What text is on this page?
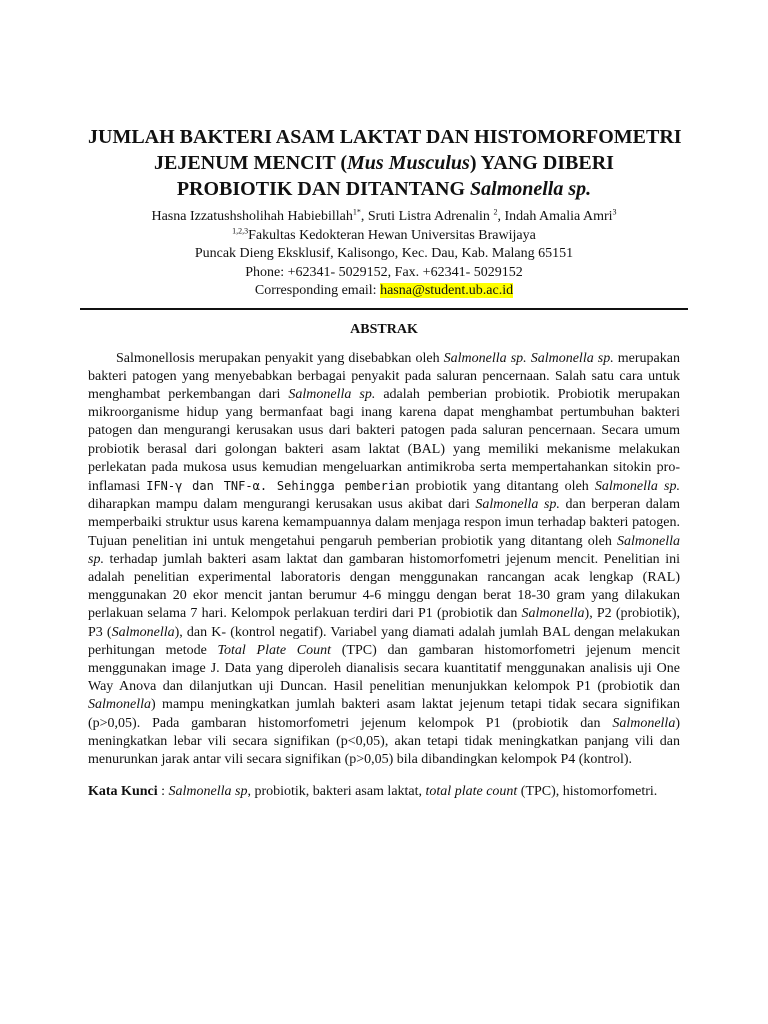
JUMLAH BAKTERI ASAM LAKTAT DAN HISTOMORFOMETRI
JEJENUM MENCIT (Mus Musculus) YANG DIBERI
PROBIOTIK DAN DITANTANG Salmonella sp.
Hasna Izzatushsholihah Habiebillah$^{1*}$, Sruti Listra Adrenalin $^2$, Indah Amalia Amri$^3$
$^{1,2,3}$Fakultas Kedokteran Hewan Universitas Brawijaya
Puncak Dieng Eksklusif, Kalisongo, Kec. Dau, Kab. Malang 65151
Phone: +62341- 5029152, Fax. +62341- 5029152
Corresponding email: hasna@student.ub.ac.id
ABSTRAK

Salmonellosis merupakan penyakit yang disebabkan oleh Salmonella sp. Salmonella sp. merupakan bakteri patogen yang menyebabkan berbagai penyakit pada saluran pencernaan. Salah satu cara untuk menghambat perkembangan dari Salmonella sp. adalah pemberian probiotik. Probiotik merupakan mikroorganisme hidup yang bermanfaat bagi inang karena dapat menghambat pertumbuhan bakteri patogen dan mengurangi kerusakan usus dari bakteri patogen pada saluran pencernaan. Secara umum probiotik berasal dari golongan bakteri asam laktat (BAL) yang memiliki mekanisme melakukan perlekatan pada mukosa usus kemudian mengeluarkan antimikroba serta mempertahankan sitokin pro-inflamasi IFN-γ dan TNF-α. Sehingga pemberian probiotik yang ditantang oleh Salmonella sp. diharapkan mampu dalam mengurangi kerusakan usus akibat dari Salmonella sp. dan berperan dalam memperbaiki struktur usus karena kemampuannya dalam menjaga respon imun terhadap bakteri patogen. Tujuan penelitian ini untuk mengetahui pengaruh pemberian probiotik yang ditantang oleh Salmonella sp. terhadap jumlah bakteri asam laktat dan gambaran histomorfometri jejenum mencit. Penelitian ini adalah penelitian experimental laboratoris dengan menggunakan rancangan acak lengkap (RAL) menggunakan 20 ekor mencit jantan berumur 4-6 minggu dengan berat 18-30 gram yang dilakukan perlakuan selama 7 hari. Kelompok perlakuan terdiri dari P1 (probiotik dan Salmonella), P2 (probiotik), P3 (Salmonella), dan K- (kontrol negatif). Variabel yang diamati adalah jumlah BAL dengan melakukan perhitungan metode Total Plate Count (TPC) dan gambaran histomorfometri jejenum mencit menggunakan image J. Data yang diperoleh dianalisis secara kuantitatif menggunakan analisis uji One Way Anova dan dilanjutkan uji Duncan. Hasil penelitian menunjukkan kelompok P1 (probiotik dan Salmonella) mampu meningkatkan jumlah bakteri asam laktat jejenum tetapi tidak secara signifikan (p>0,05). Pada gambaran histomorfometri jejenum kelompok P1 (probiotik dan Salmonella) meningkatkan lebar vili secara signifikan (p<0,05), akan tetapi tidak meningkatkan panjang vili dan menurunkan jarak antar vili secara signifikan (p>0,05) bila dibandingkan kelompok P4 (kontrol).

Kata Kunci : Salmonella sp, probiotik, bakteri asam laktat, total plate count (TPC), histomorfometri.
